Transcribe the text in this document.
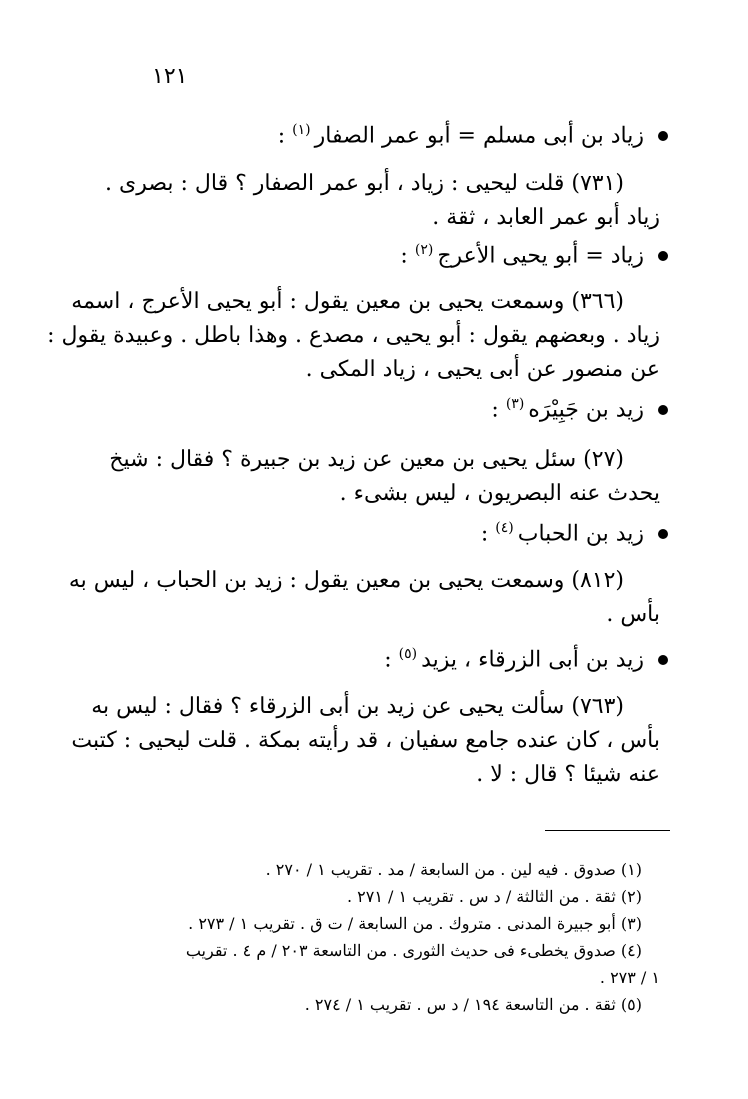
١٢١
زياد بن أبى مسلم = أبو عمر الصفار$^{(١)}$ :
(٧٣١) قلت ليحيى : زياد ، أبو عمر الصفار ؟ قال : بصرى .
زياد أبو عمر العابد ، ثقة .
زياد = أبو يحيى الأعرج$^{(٢)}$ :
(٣٦٦) وسمعت يحيى بن معين يقول : أبو يحيى الأعرج ، اسمه
زياد . وبعضهم يقول : أبو يحيى ، مصدع . وهذا باطل . وعبيدة يقول :
عن منصور عن أبى يحيى ، زياد المكى .
زيد بن جَبِيْرَه$^{(٣)}$ :
(٢٧) سئل يحيى بن معين عن زيد بن جبيرة ؟ فقال : شيخ
يحدث عنه البصريون ، ليس بشىء .
زيد بن الحباب$^{(٤)}$ :
(٨١٢) وسمعت يحيى بن معين يقول : زيد بن الحباب ، ليس به
بأس .
زيد بن أبى الزرقاء ، يزيد$^{(٥)}$ :
(٧٦٣) سألت يحيى عن زيد بن أبى الزرقاء ؟ فقال : ليس به
بأس ، كان عنده جامع سفيان ، قد رأيته بمكة . قلت ليحيى : كتبت
عنه شيئا ؟ قال : لا .
(١) صدوق . فيه لين . من السابعة / مد . تقريب ١ / ٢٧٠ .
(٢) ثقة . من الثالثة / د س . تقريب ١ / ٢٧١ .
(٣) أبو جبيرة المدنى . متروك . من السابعة / ت ق . تقريب ١ / ٢٧٣ .
(٤) صدوق يخطىء فى حديث الثورى . من التاسعة ٢٠٣ / م ٤ . تقريب
١ / ٢٧٣ .
(٥) ثقة . من التاسعة ١٩٤ / د س . تقريب ١ / ٢٧٤ .
